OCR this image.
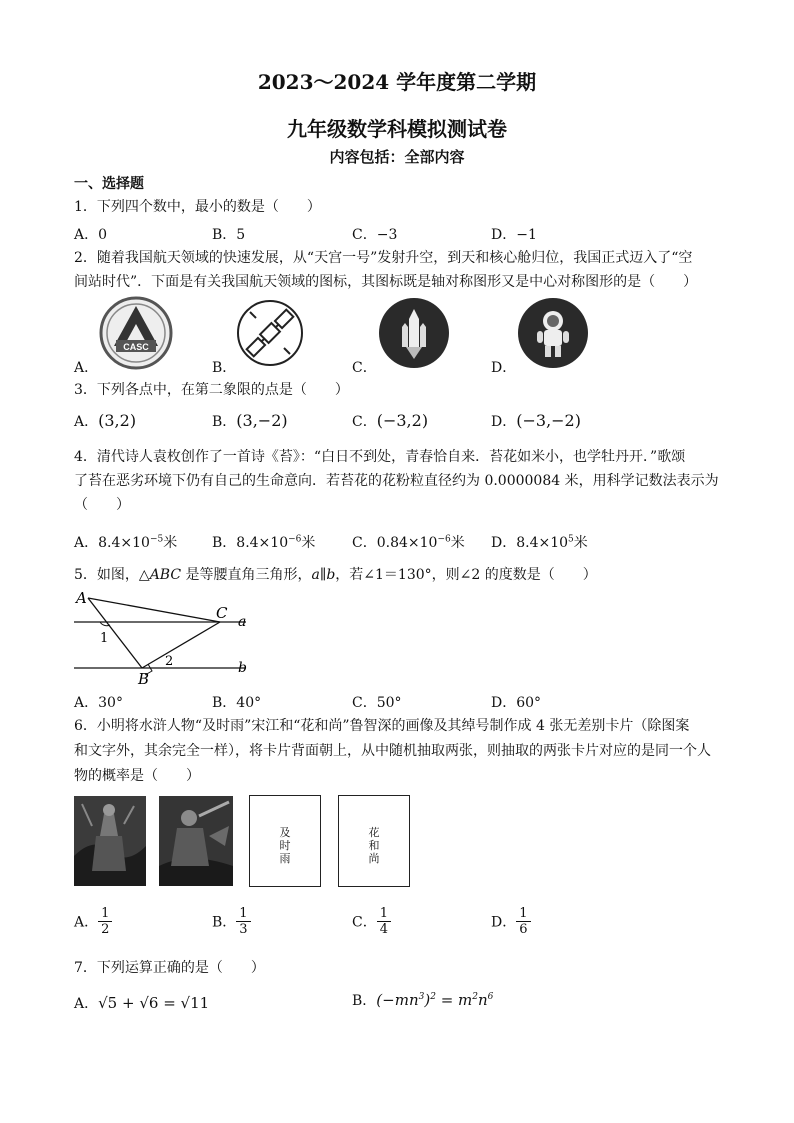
2023～2024 学年度第二学期
九年级数学科模拟测试卷
内容包括：全部内容
一、选择题
1．下列四个数中，最小的数是（　　）
A．0	B．5	C．−3	D．−1
2．随着我国航天领域的快速发展，从“天宫一号”发射升空，到天和核心舱归位，我国正式迈入了“空
间站时代”．下面是有关我国航天领域的图标，其图标既是轴对称图形又是中心对称图形的是（　　）
CASC
A．	B．	C．	D．
3．下列各点中，在第二象限的点是（　　）
A．(3,2)	B．(3,−2)	C．(−3,2)	D．(−3,−2)
4．清代诗人袁枚创作了一首诗《苔》：“白日不到处，青春恰自来．苔花如米小，也学牡丹开．”歌颂
了苔在恶劣环境下仍有自己的生命意向．若苔花的花粉粒直径约为 0.0000084 米，用科学记数法表示为
（　　）
A．$8.4\times 10^{-5}$米 B．$8.4\times 10^{-6}$米	C．$0.84\times 10^{-6}$米 D．$8.4\times 10^5$米
5．如图，△ABC 是等腰直角三角形，a∥b，若∠1＝130°，则∠2 的度数是（　　）
A
B
C a
b
1
2
A．30°	B．40°	C．50°	D．60°
6．小明将水浒人物“及时雨”宋江和“花和尚”鲁智深的画像及其绰号制作成 4 张无差别卡片（除图案
和文字外，其余完全一样），将卡片背面朝上，从中随机抽取两张，则抽取的两张卡片对应的是同一个人
物的概率是（　　）
及
时
雨
花
和
尚
A． $\frac{1}{2}$	B． $\frac{1}{3}$	C． $\frac{1}{4}$	D． $\frac{1}{6}$
7．下列运算正确的是（　　）
A．√5 + √6 = √11	B．$(-mn^3)^2 = m^2n^6$
